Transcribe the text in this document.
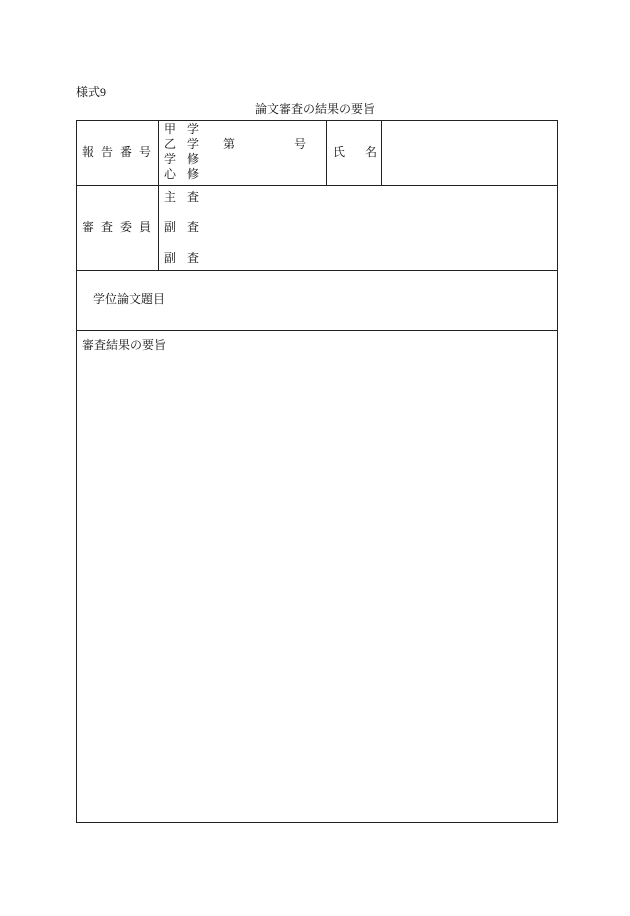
様式9
論文審査の結果の要旨
報告番号
甲学
乙学
学修
心修
第	号
氏名
審査委員
主査
副査
副査
学位論文題目
審査結果の要旨
